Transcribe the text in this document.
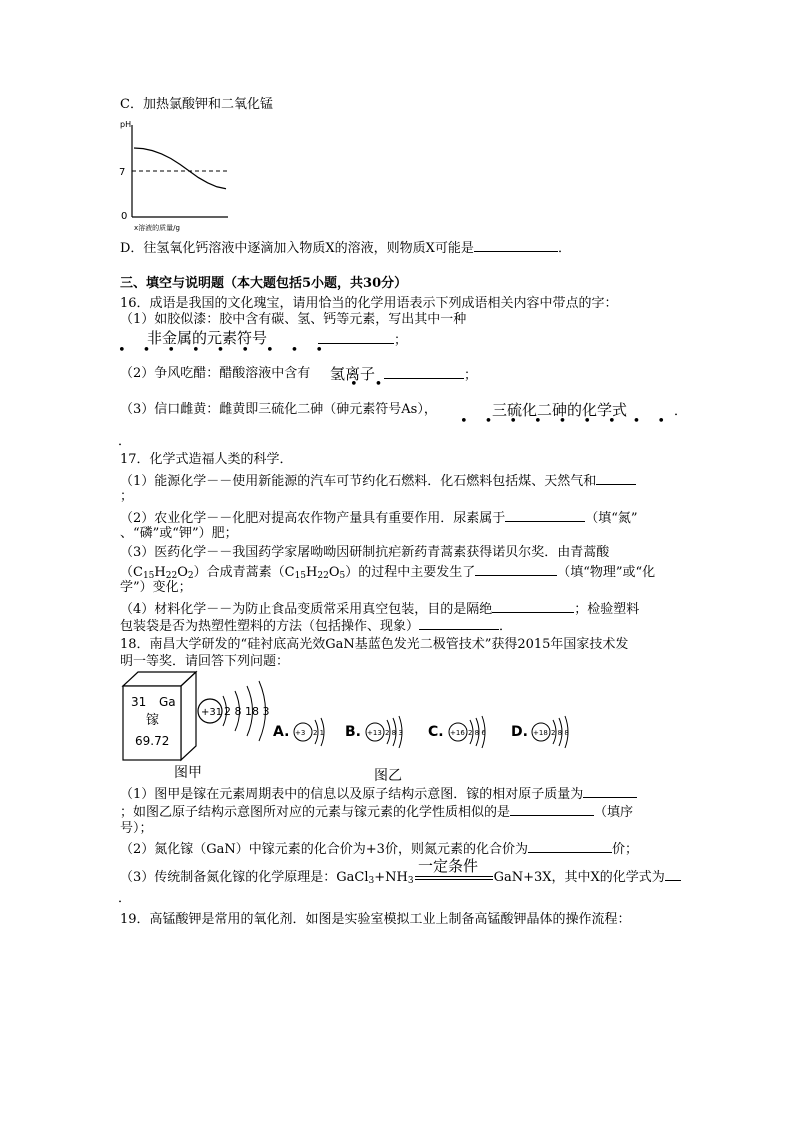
C．加热氯酸钾和二氧化锰
pH
7
0
x溶液的质量/g
D．往氢氧化钙溶液中逐滴加入物质X的溶液，则物质X可能是	．
三、填空与说明题（本大题包括5小题，共30分）
16．成语是我国的文化瑰宝，请用恰当的化学用语表示下列成语相关内容中带点的字：
（1）如胶似漆：胶中含有碳、氢、钙等元素，写出其中一种
非金属的元素符号	；
•••••••••
（2）争风吃醋：醋酸溶液中含有 氢离子	；
••
（3）信口雌黄：雌黄即三硫化二砷（砷元素符号As），	三硫化二砷的化学式	．
•••••••••
．
17．化学式造福人类的科学．
（1）能源化学－－使用新能源的汽车可节约化石燃料．化石燃料包括煤、天然气和
；
（2）农业化学－－化肥对提高农作物产量具有重要作用．尿素属于	（填“氮”
、“磷”或“钾”）肥；
（3）医药化学－－我国药学家屠呦呦因研制抗疟新药青蒿素获得诺贝尔奖．由青蒿酸
$(C_{15}H_{22}O_2)$合成青蒿素$(C_{15}H_{22}O_5)$的过程中主要发生了	（填“物理”或“化
学”）变化；
（4）材料化学－－为防止食品变质常采用真空包装，目的是隔绝	；检验塑料
包装袋是否为热塑性塑料的方法（包括操作、现象）	．
18．南昌大学研发的“硅衬底高光效GaN基蓝色发光二极管技术”获得2015年国家技术发
明一等奖．请回答下列问题：
31 Ga
镓
69.72
+31 2 8 18 3
A. +3 2 1 B. +13 2 8 3 C. +16 2 8 6 D. +18 2 8 8
图甲	图乙
（1）图甲是镓在元素周期表中的信息以及原子结构示意图．镓的相对原子质量为
；如图乙原子结构示意图所对应的元素与镓元素的化学性质相似的是	（填序
号）；
（2）氮化镓（GaN）中镓元素的化合价为+3价，则氮元素的化合价为	价；
一定条件
（3）传统制备氮化镓的化学原理是：$GaCl_3+NH_3$	GaN+3X，其中X的化学式为
．
19．高锰酸钾是常用的氧化剂．如图是实验室模拟工业上制备高锰酸钾晶体的操作流程：
